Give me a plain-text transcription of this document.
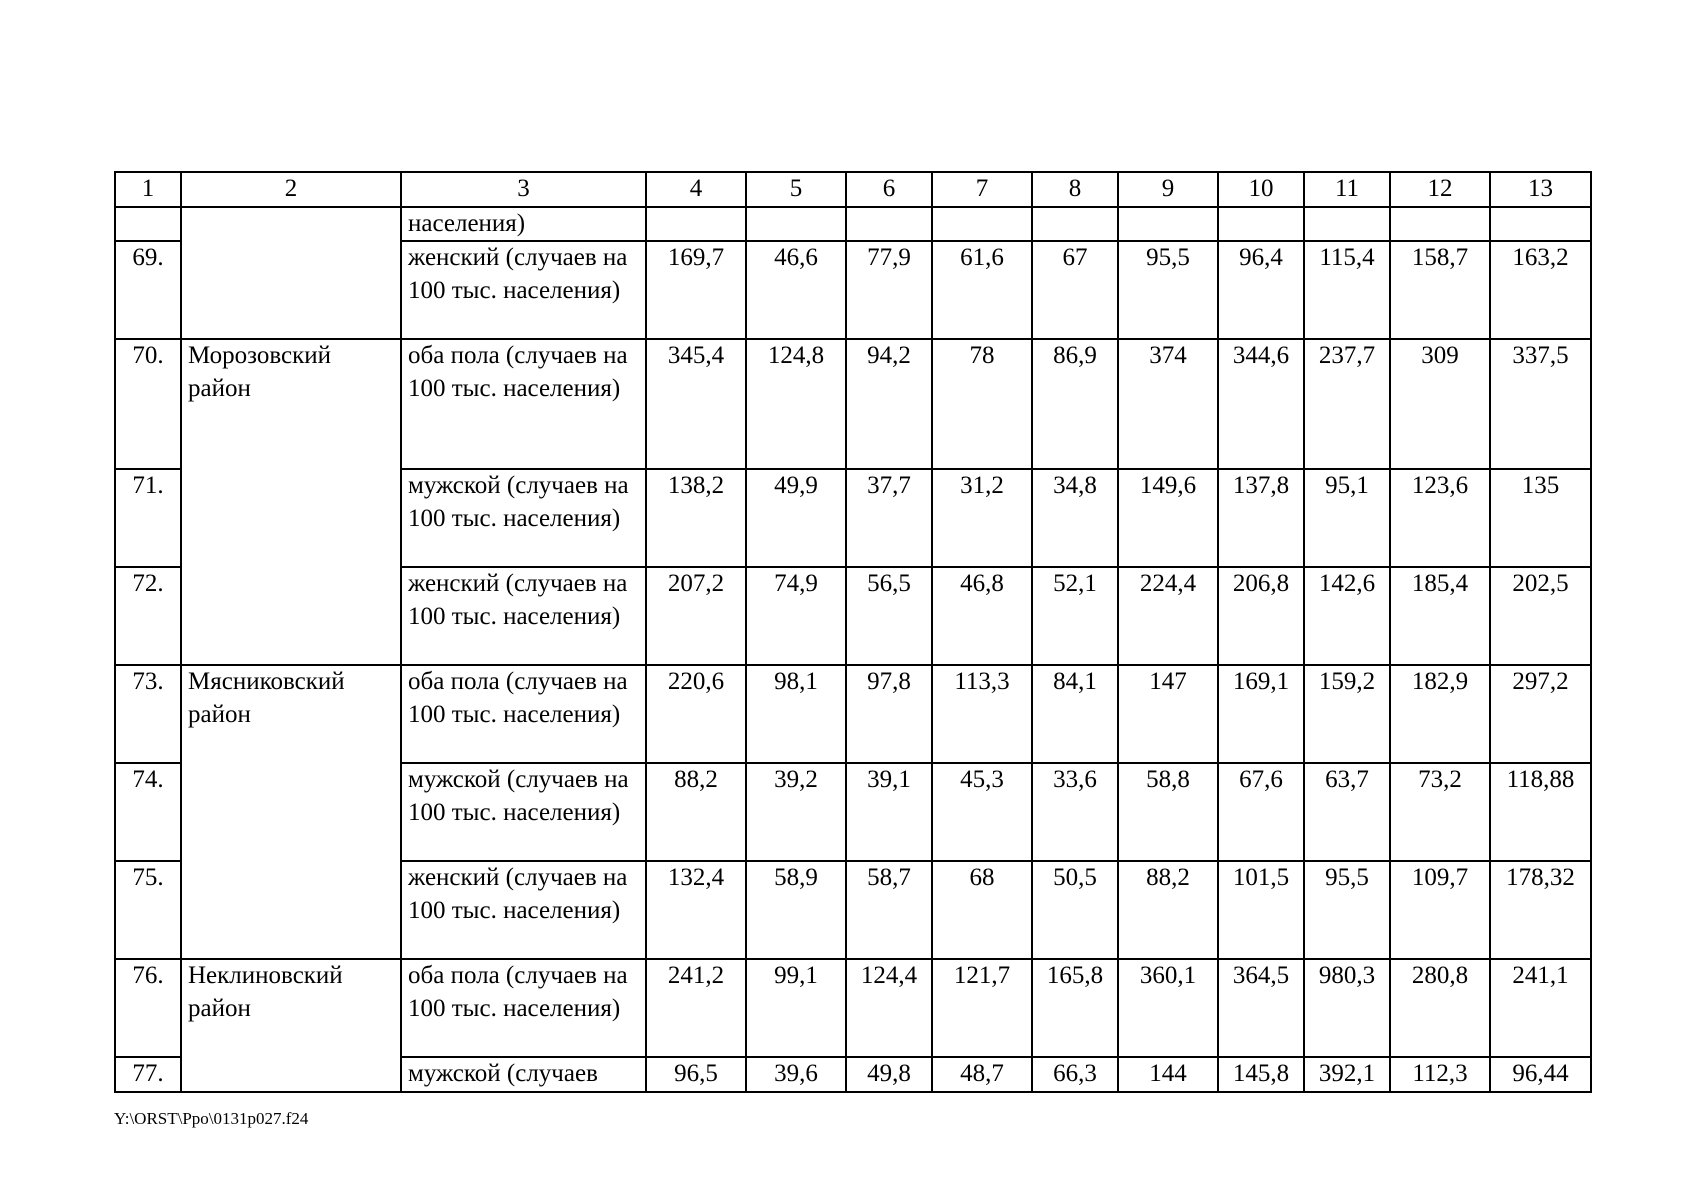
1	2	3	4	5	6	7	8	9	10	11	12	13
		населения)										
69.		женский (случаев на 100 тыс. населения)	169,7	46,6	77,9	61,6	67	95,5	96,4	115,4	158,7	163,2
70.	Морозовский район	оба пола (случаев на 100 тыс. населения)	345,4	124,8	94,2	78	86,9	374	344,6	237,7	309	337,5
71.		мужской (случаев на 100 тыс. населения)	138,2	49,9	37,7	31,2	34,8	149,6	137,8	95,1	123,6	135
72.		женский (случаев на 100 тыс. населения)	207,2	74,9	56,5	46,8	52,1	224,4	206,8	142,6	185,4	202,5
73.	Мясниковский район	оба пола (случаев на 100 тыс. населения)	220,6	98,1	97,8	113,3	84,1	147	169,1	159,2	182,9	297,2
74.		мужской (случаев на 100 тыс. населения)	88,2	39,2	39,1	45,3	33,6	58,8	67,6	63,7	73,2	118,88
75.		женский (случаев на 100 тыс. населения)	132,4	58,9	58,7	68	50,5	88,2	101,5	95,5	109,7	178,32
76.	Неклиновский район	оба пола (случаев на 100 тыс. населения)	241,2	99,1	124,4	121,7	165,8	360,1	364,5	980,3	280,8	241,1
77.		мужской (случаев	96,5	39,6	49,8	48,7	66,3	144	145,8	392,1	112,3	96,44
Y:\ORST\Ppo\0131p027.f24
